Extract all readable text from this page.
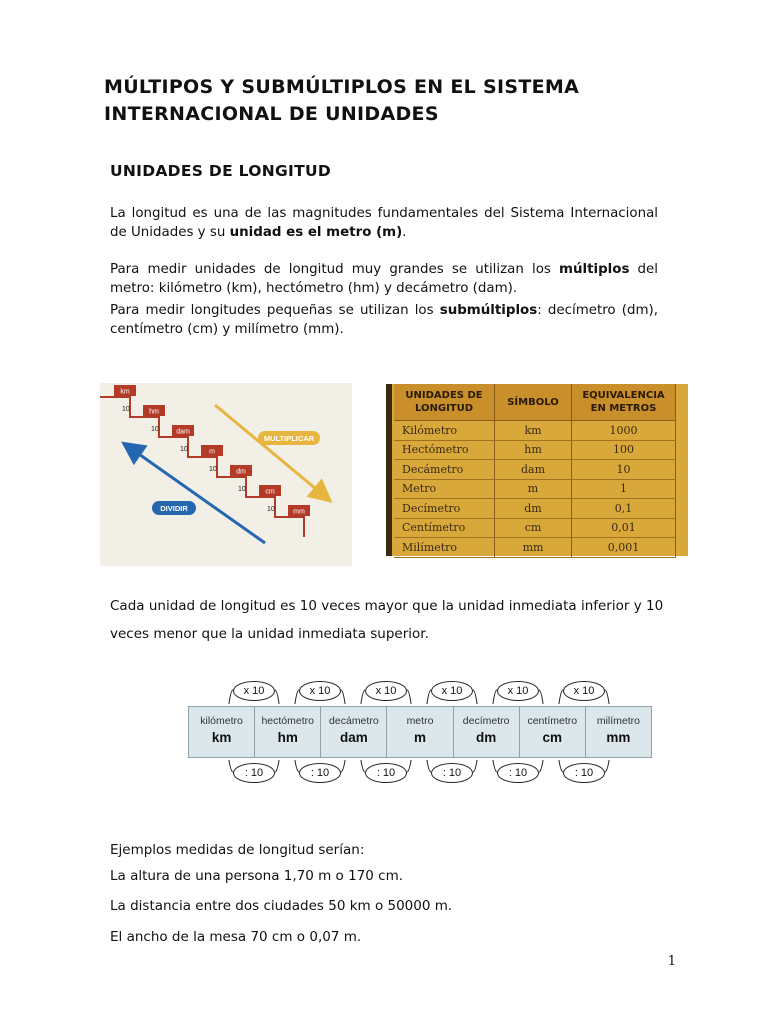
MÚLTIPOS Y SUBMÚLTIPLOS EN EL SISTEMA INTERNACIONAL DE UNIDADES
UNIDADES DE LONGITUD
La longitud es una de las magnitudes fundamentales del Sistema Internacional de Unidades y su unidad es el metro (m).
Para medir unidades de longitud muy grandes se utilizan los múltiplos del metro: kilómetro (km), hectómetro (hm) y decámetro (dam).
Para medir longitudes pequeñas se utilizan los submúltiplos: decímetro (dm), centímetro (cm) y milímetro (mm).
km
10	hm
10 dam
10	m
10	dm
10	cm
10	mm
MULTIPLICAR
DIVIDIR
UNIDADES DE LONGITUD	SÍMBOLO	EQUIVALENCIA EN METROS
Kilómetro	km	1000
Hectómetro	hm	100
Decámetro	dam	10
Metro	m	1
Decímetro	dm	0,1
Centímetro	cm	0,01
Milímetro	mm	0,001
Cada unidad de longitud es 10 veces mayor que la unidad inmediata inferior y 10 veces menor que la unidad inmediata superior.
x 10	x 10	x 10	x 10	x 10	x 10
kilómetro
km
hectómetro
hm
decámetro
dam
metro
m
decímetro
dm
centímetro
cm
milímetro
mm
: 10	: 10	: 10	: 10	: 10	: 10
Ejemplos medidas de longitud serían:
La altura de una persona 1,70 m o 170 cm.
La distancia entre dos ciudades 50 km o 50000 m.
El ancho de la mesa 70 cm o 0,07 m.
1
